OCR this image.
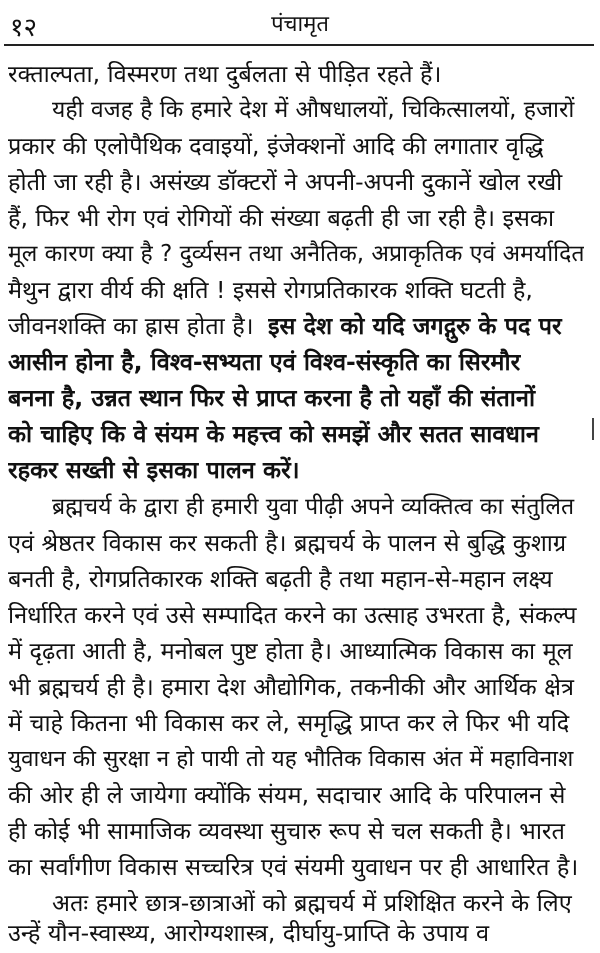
१२	पंचामृत
रक्ताल्पता, विस्मरण तथा दुर्बलता से पीड़ित रहते हैं।
यही वजह है कि हमारे देश में औषधालयों, चिकित्सालयों, हजारों
प्रकार की एलोपैथिक दवाइयों, इंजेक्शनों आदि की लगातार वृद्धि
होती जा रही है। असंख्य डॉक्टरों ने अपनी-अपनी दुकानें खोल रखी
हैं, फिर भी रोग एवं रोगियों की संख्या बढ़ती ही जा रही है। इसका
मूल कारण क्या है ? दुर्व्यसन तथा अनैतिक, अप्राकृतिक एवं अमर्यादित
मैथुन द्वारा वीर्य की क्षति ! इससे रोगप्रतिकारक शक्ति घटती है,
जीवनशक्ति का ह्रास होता है। इस देश को यदि जगद्गुरु के पद पर
आसीन होना है, विश्व-सभ्यता एवं विश्व-संस्कृति का सिरमौर
बनना है, उन्नत स्थान फिर से प्राप्त करना है तो यहाँ की संतानों
को चाहिए कि वे संयम के महत्त्व को समझें और सतत सावधान
रहकर सख्ती से इसका पालन करें।
ब्रह्मचर्य के द्वारा ही हमारी युवा पीढ़ी अपने व्यक्तित्व का संतुलित
एवं श्रेष्ठतर विकास कर सकती है। ब्रह्मचर्य के पालन से बुद्धि कुशाग्र
बनती है, रोगप्रतिकारक शक्ति बढ़ती है तथा महान-से-महान लक्ष्य
निर्धारित करने एवं उसे सम्पादित करने का उत्साह उभरता है, संकल्प
में दृढ़ता आती है, मनोबल पुष्ट होता है। आध्यात्मिक विकास का मूल
भी ब्रह्मचर्य ही है। हमारा देश औद्योगिक, तकनीकी और आर्थिक क्षेत्र
में चाहे कितना भी विकास कर ले, समृद्धि प्राप्त कर ले फिर भी यदि
युवाधन की सुरक्षा न हो पायी तो यह भौतिक विकास अंत में महाविनाश
की ओर ही ले जायेगा क्योंकि संयम, सदाचार आदि के परिपालन से
ही कोई भी सामाजिक व्यवस्था सुचारु रूप से चल सकती है। भारत
का सर्वांगीण विकास सच्चरित्र एवं संयमी युवाधन पर ही आधारित है।
अतः हमारे छात्र-छात्राओं को ब्रह्मचर्य में प्रशिक्षित करने के लिए
उन्हें यौन-स्वास्थ्य, आरोग्यशास्त्र, दीर्घायु-प्राप्ति के उपाय व
